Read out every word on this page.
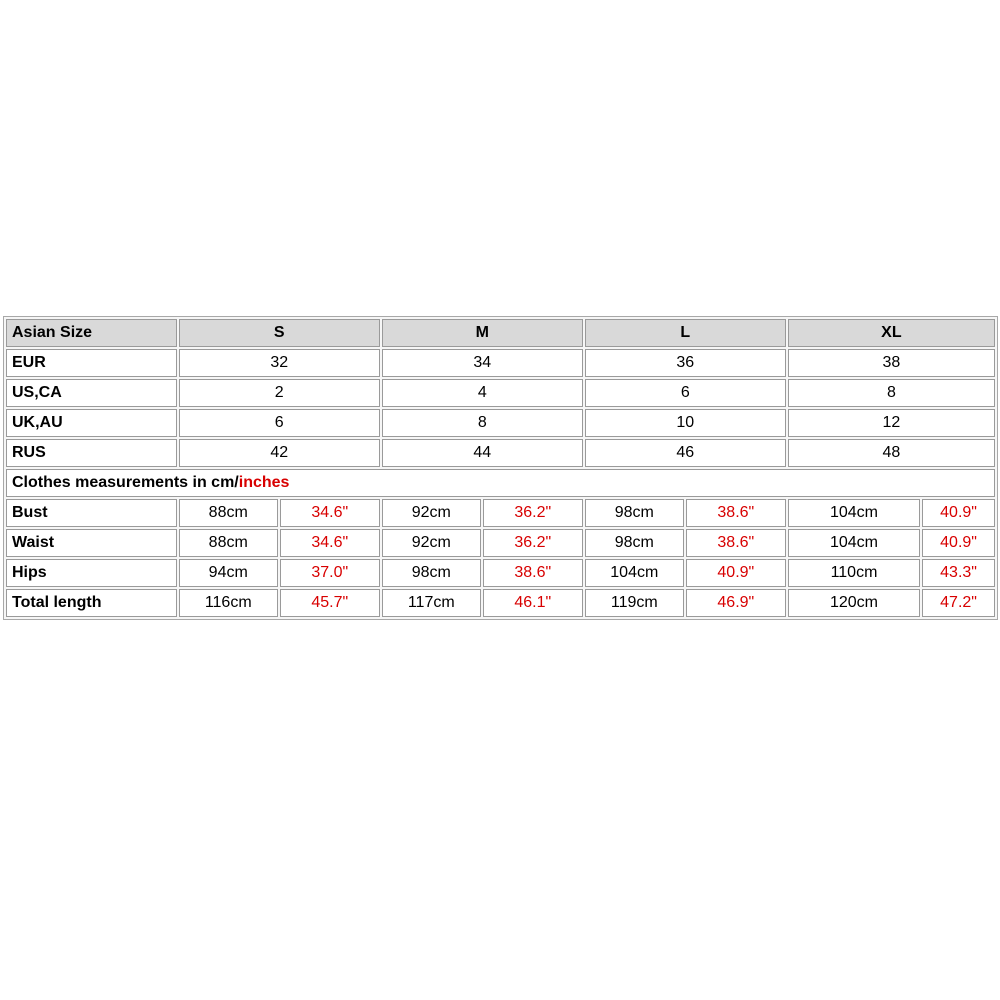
Asian Size	S		M		L		XL	
EUR	32		34		36		38	
US,CA	2		4		6		8	
UK,AU	6		8		10		12	
RUS	42		44		46		48	
Clothes measurements in cm/inches								
Bust	88cm	34.6"	92cm	36.2"	98cm	38.6"	104cm	40.9"
Waist	88cm	34.6"	92cm	36.2"	98cm	38.6"	104cm	40.9"
Hips	94cm	37.0"	98cm	38.6"	104cm	40.9"	110cm	43.3"
Total length	116cm	45.7"	117cm	46.1"	119cm	46.9"	120cm	47.2"
